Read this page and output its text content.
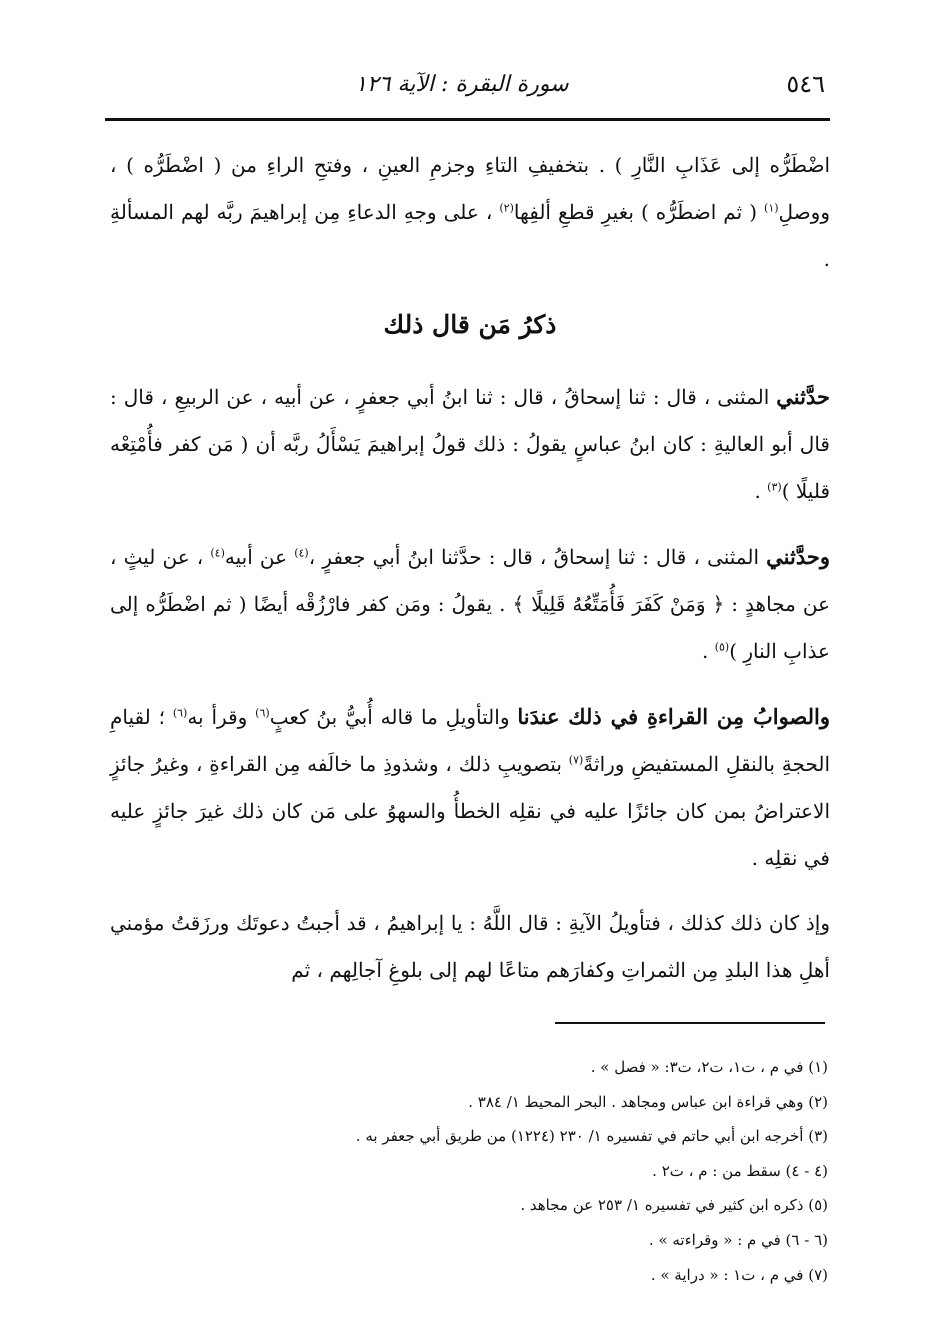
٥٤٦
سورة البقرة : الآية ١٢٦

اضْطَرُّه إلى عَذَابِ النَّارِ ) . بتخفيفِ التاءِ وجزمِ العينِ ، وفتحِ الراءِ من ( اضْطَرُّه ) ، ووصلِ$^{(١)}$ ( ثم اضطَرُّه ) بغيرِ قطعِ ألفِها$^{(٢)}$ ، على وجهِ الدعاءِ مِن إبراهيمَ ربَّه لهم المسألةِ .

ذكرُ مَن قال ذلك

حدَّثني المثنى ، قال : ثنا إسحاقُ ، قال : ثنا ابنُ أبي جعفرٍ ، عن أبيه ، عن الربيعِ ، قال : قال أبو العاليةِ : كان ابنُ عباسٍ يقولُ : ذلك قولُ إبراهيمَ يَسْأَلُ ربَّه أن ( مَن كفر فأُمْتِعْه قليلًا )$^{(٣)}$ .

وحدَّثني المثنى ، قال : ثنا إسحاقُ ، قال : حدَّثنا ابنُ أبي جعفرٍ ،$^{(٤)}$ عن أبيه$^{(٤)}$ ، عن ليثٍ ، عن مجاهدٍ : ﴿ وَمَنْ كَفَرَ فَأُمَتِّعُهُ قَلِيلًا ﴾ . يقولُ : ومَن كفر فارْزُقْه أيضًا ( ثم اضْطَرُّه إلى عذابِ النارِ )$^{(٥)}$ .

والصوابُ مِن القراءةِ في ذلك عندَنا والتأويلِ ما قاله أُبيُّ بنُ كعبٍ$^{(٦)}$ وقرأ به$^{(٦)}$ ؛ لقيامِ الحجةِ بالنقلِ المستفيضِ وراثةً$^{(٧)}$ بتصويبِ ذلك ، وشذوذِ ما خالَفه مِن القراءةِ ، وغيرُ جائزٍ الاعتراضُ بمن كان جائزًا عليه في نقلِه الخطأُ والسهوُ على مَن كان ذلك غيرَ جائزٍ عليه في نقلِه .

وإذ كان ذلك كذلك ، فتأويلُ الآيةِ : قال اللَّهُ : يا إبراهيمُ ، قد أجبتُ دعوتَك ورزَقتُ مؤمني أهلِ هذا البلدِ مِن الثمراتِ وكفارَهم متاعًا لهم إلى بلوغِ آجالِهم ، ثم

(١) في م ، ت١، ت٢، ت٣: « فصل » .
(٢) وهي قراءة ابن عباس ومجاهد . البحر المحيط ١/ ٣٨٤ .
(٣) أخرجه ابن أبي حاتم في تفسيره ١/ ٢٣٠ (١٢٢٤) من طريق أبي جعفر به .
(٤ - ٤) سقط من : م ، ت٢ .
(٥) ذكره ابن كثير في تفسيره ١/ ٢٥٣ عن مجاهد .
(٦ - ٦) في م : « وقراءته » .
(٧) في م ، ت١ : « دراية » .
